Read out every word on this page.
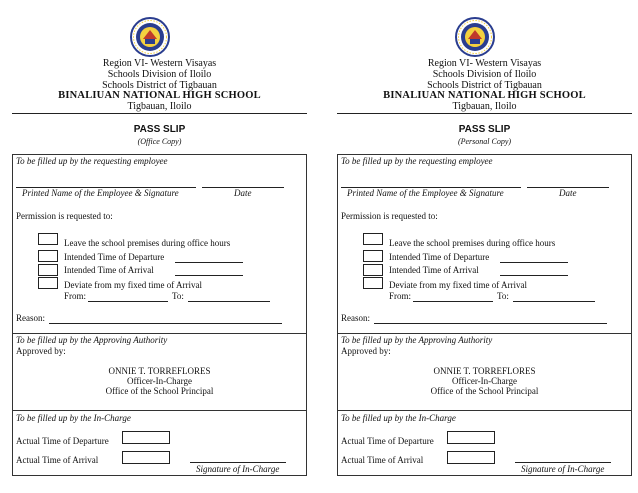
Region VI- Western Visayas
Schools Division of Iloilo
Schools District of Tigbauan
BINALIUAN NATIONAL HIGH SCHOOL
Tigbauan, Iloilo
PASS SLIP
(Office Copy)
To be filled up by the requesting employee
Printed Name of the Employee & Signature	Date
Permission is requested to:
Leave the school premises during office hours
Intended Time of Departure
Intended Time of Arrival
Deviate from my fixed time of Arrival
From:	To:
Reason:
To be filled up by the Approving Authority
Approved by:
ONNIE T. TORREFLORES
Officer-In-Charge
Office of the School Principal
To be filled up by the In-Charge
Actual Time of Departure
Actual Time of Arrival
Signature of In-Charge
Region VI- Western Visayas
Schools Division of Iloilo
Schools District of Tigbauan
BINALIUAN NATIONAL HIGH SCHOOL
Tigbauan, Iloilo
PASS SLIP
(Personal Copy)
To be filled up by the requesting employee
Printed Name of the Employee & Signature	Date
Permission is requested to:
Leave the school premises during office hours
Intended Time of Departure
Intended Time of Arrival
Deviate from my fixed time of Arrival
From:	To:
Reason:
To be filled up by the Approving Authority
Approved by:
ONNIE T. TORREFLORES
Officer-In-Charge
Office of the School Principal
To be filled up by the In-Charge
Actual Time of Departure
Actual Time of Arrival
Signature of In-Charge
